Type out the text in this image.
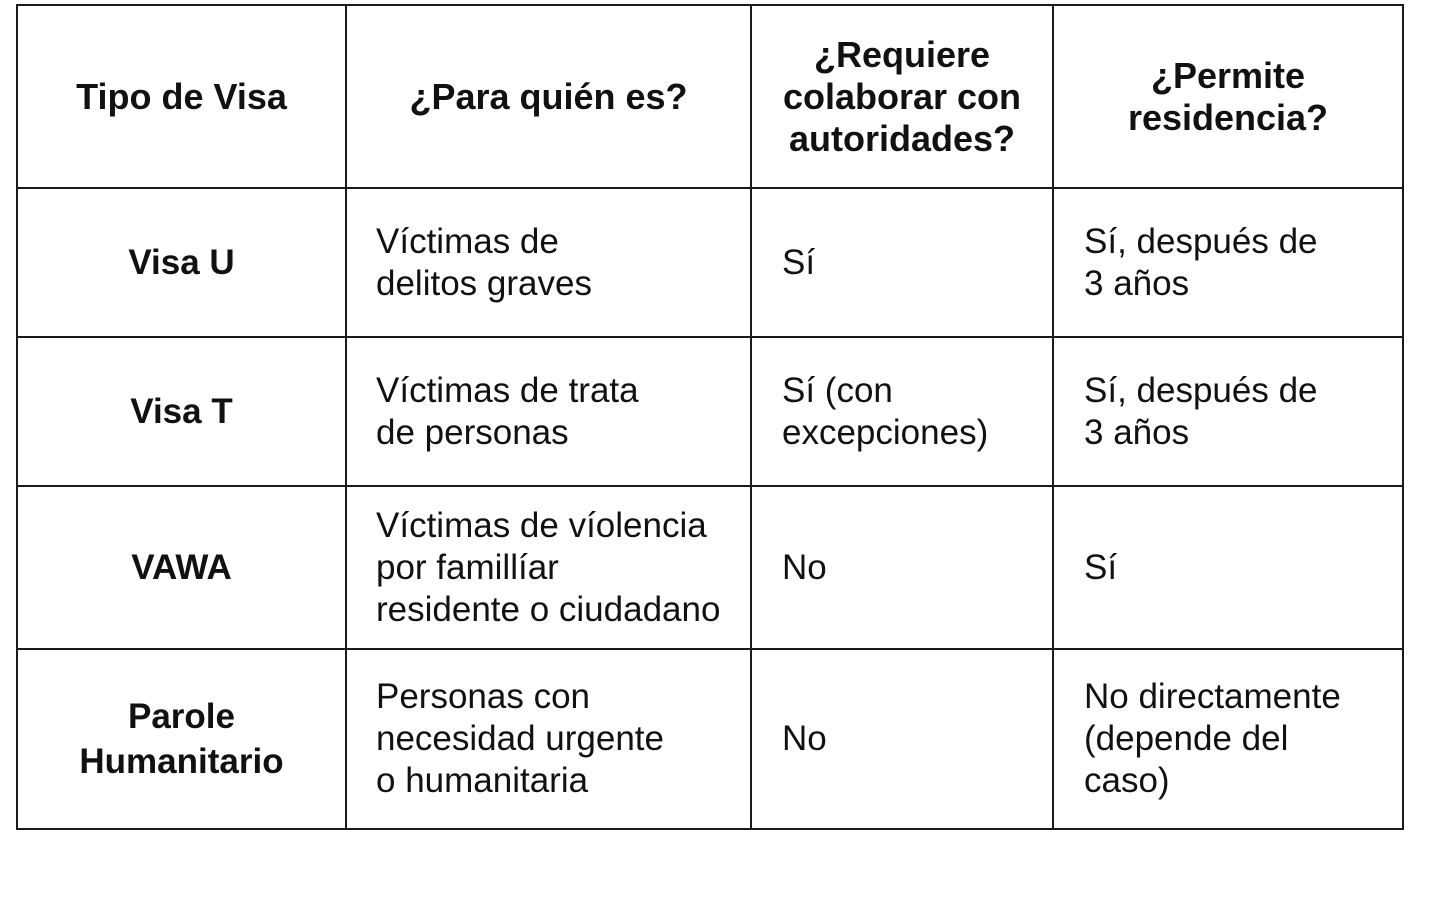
Tipo de Visa	¿Para quién es?	¿Requiere
colaborar con
autoridades?	¿Permite
residencia?

Visa U	Víctimas de
delitos graves	Sí	Sí, después de
3 años

Visa T	Víctimas de trata
de personas	Sí (con
excepciones)	Sí, después de
3 años

VAWA	Víctimas de víolencia
por famillíar
residente o ciudadano	No	Sí

Parole
Humanitario	Personas con
necesidad urgente
o humanitaria	No	No directamente
(depende del
caso)
